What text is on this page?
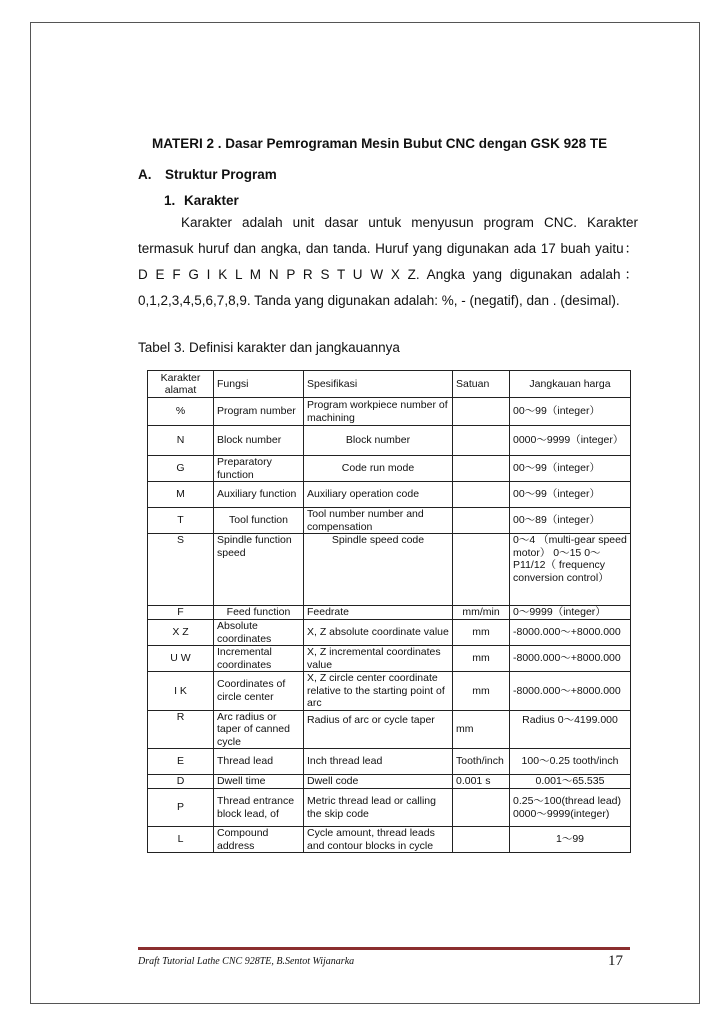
MATERI 2 . Dasar Pemrograman Mesin Bubut CNC dengan GSK 928 TE
A. Struktur Program
1. Karakter
Karakter adalah unit dasar untuk menyusun program CNC. Karakter
termasuk huruf dan angka, dan tanda. Huruf yang digunakan ada 17 buah yaitu：
D E F G I K L M N P R S T U W X Z. Angka yang digunakan adalah：
0,1,2,3,4,5,6,7,8,9. Tanda yang digunakan adalah: %, - (negatif), dan . (desimal).
Tabel 3. Definisi karakter dan jangkauannya
Karakter alamat	Fungsi	Spesifikasi	Satuan	Jangkauan harga
%	Program number	Program workpiece number of machining		00～99（integer）
N	Block number	Block number		0000～9999（integer）
G	Preparatory function	Code run mode		00～99（integer）
M	Auxiliary function	Auxiliary operation code		00～99（integer）
T	Tool function	Tool number number and compensation		00～89（integer）
S	Spindle function speed	Spindle speed code		0～4 （multi-gear speed motor） 0～15 0～P11/12（ frequency conversion control）
F	Feed function	Feedrate	mm/min	0～9999（integer）
X Z	Absolute coordinates	X, Z absolute coordinate value	mm	-8000.000～+8000.000
U W	Incremental coordinates	X, Z incremental coordinates value	mm	-8000.000～+8000.000
I K	Coordinates of circle center	X, Z circle center coordinate relative to the starting point of arc	mm	-8000.000～+8000.000
R	Arc radius or taper of canned cycle	Radius of arc or cycle taper	mm	Radius 0～4199.000
E	Thread lead	Inch thread lead	Tooth/inch	100～0.25 tooth/inch
D	Dwell time	Dwell code	0.001 s	0.001～65.535
P	Thread entrance block lead, of	Metric thread lead or calling the skip code		0.25～100(thread lead) 0000～9999(integer)
L	Compound address	Cycle amount, thread leads and contour blocks in cycle		1～99
Draft Tutorial Lathe CNC 928TE, B.Sentot Wijanarka	17
